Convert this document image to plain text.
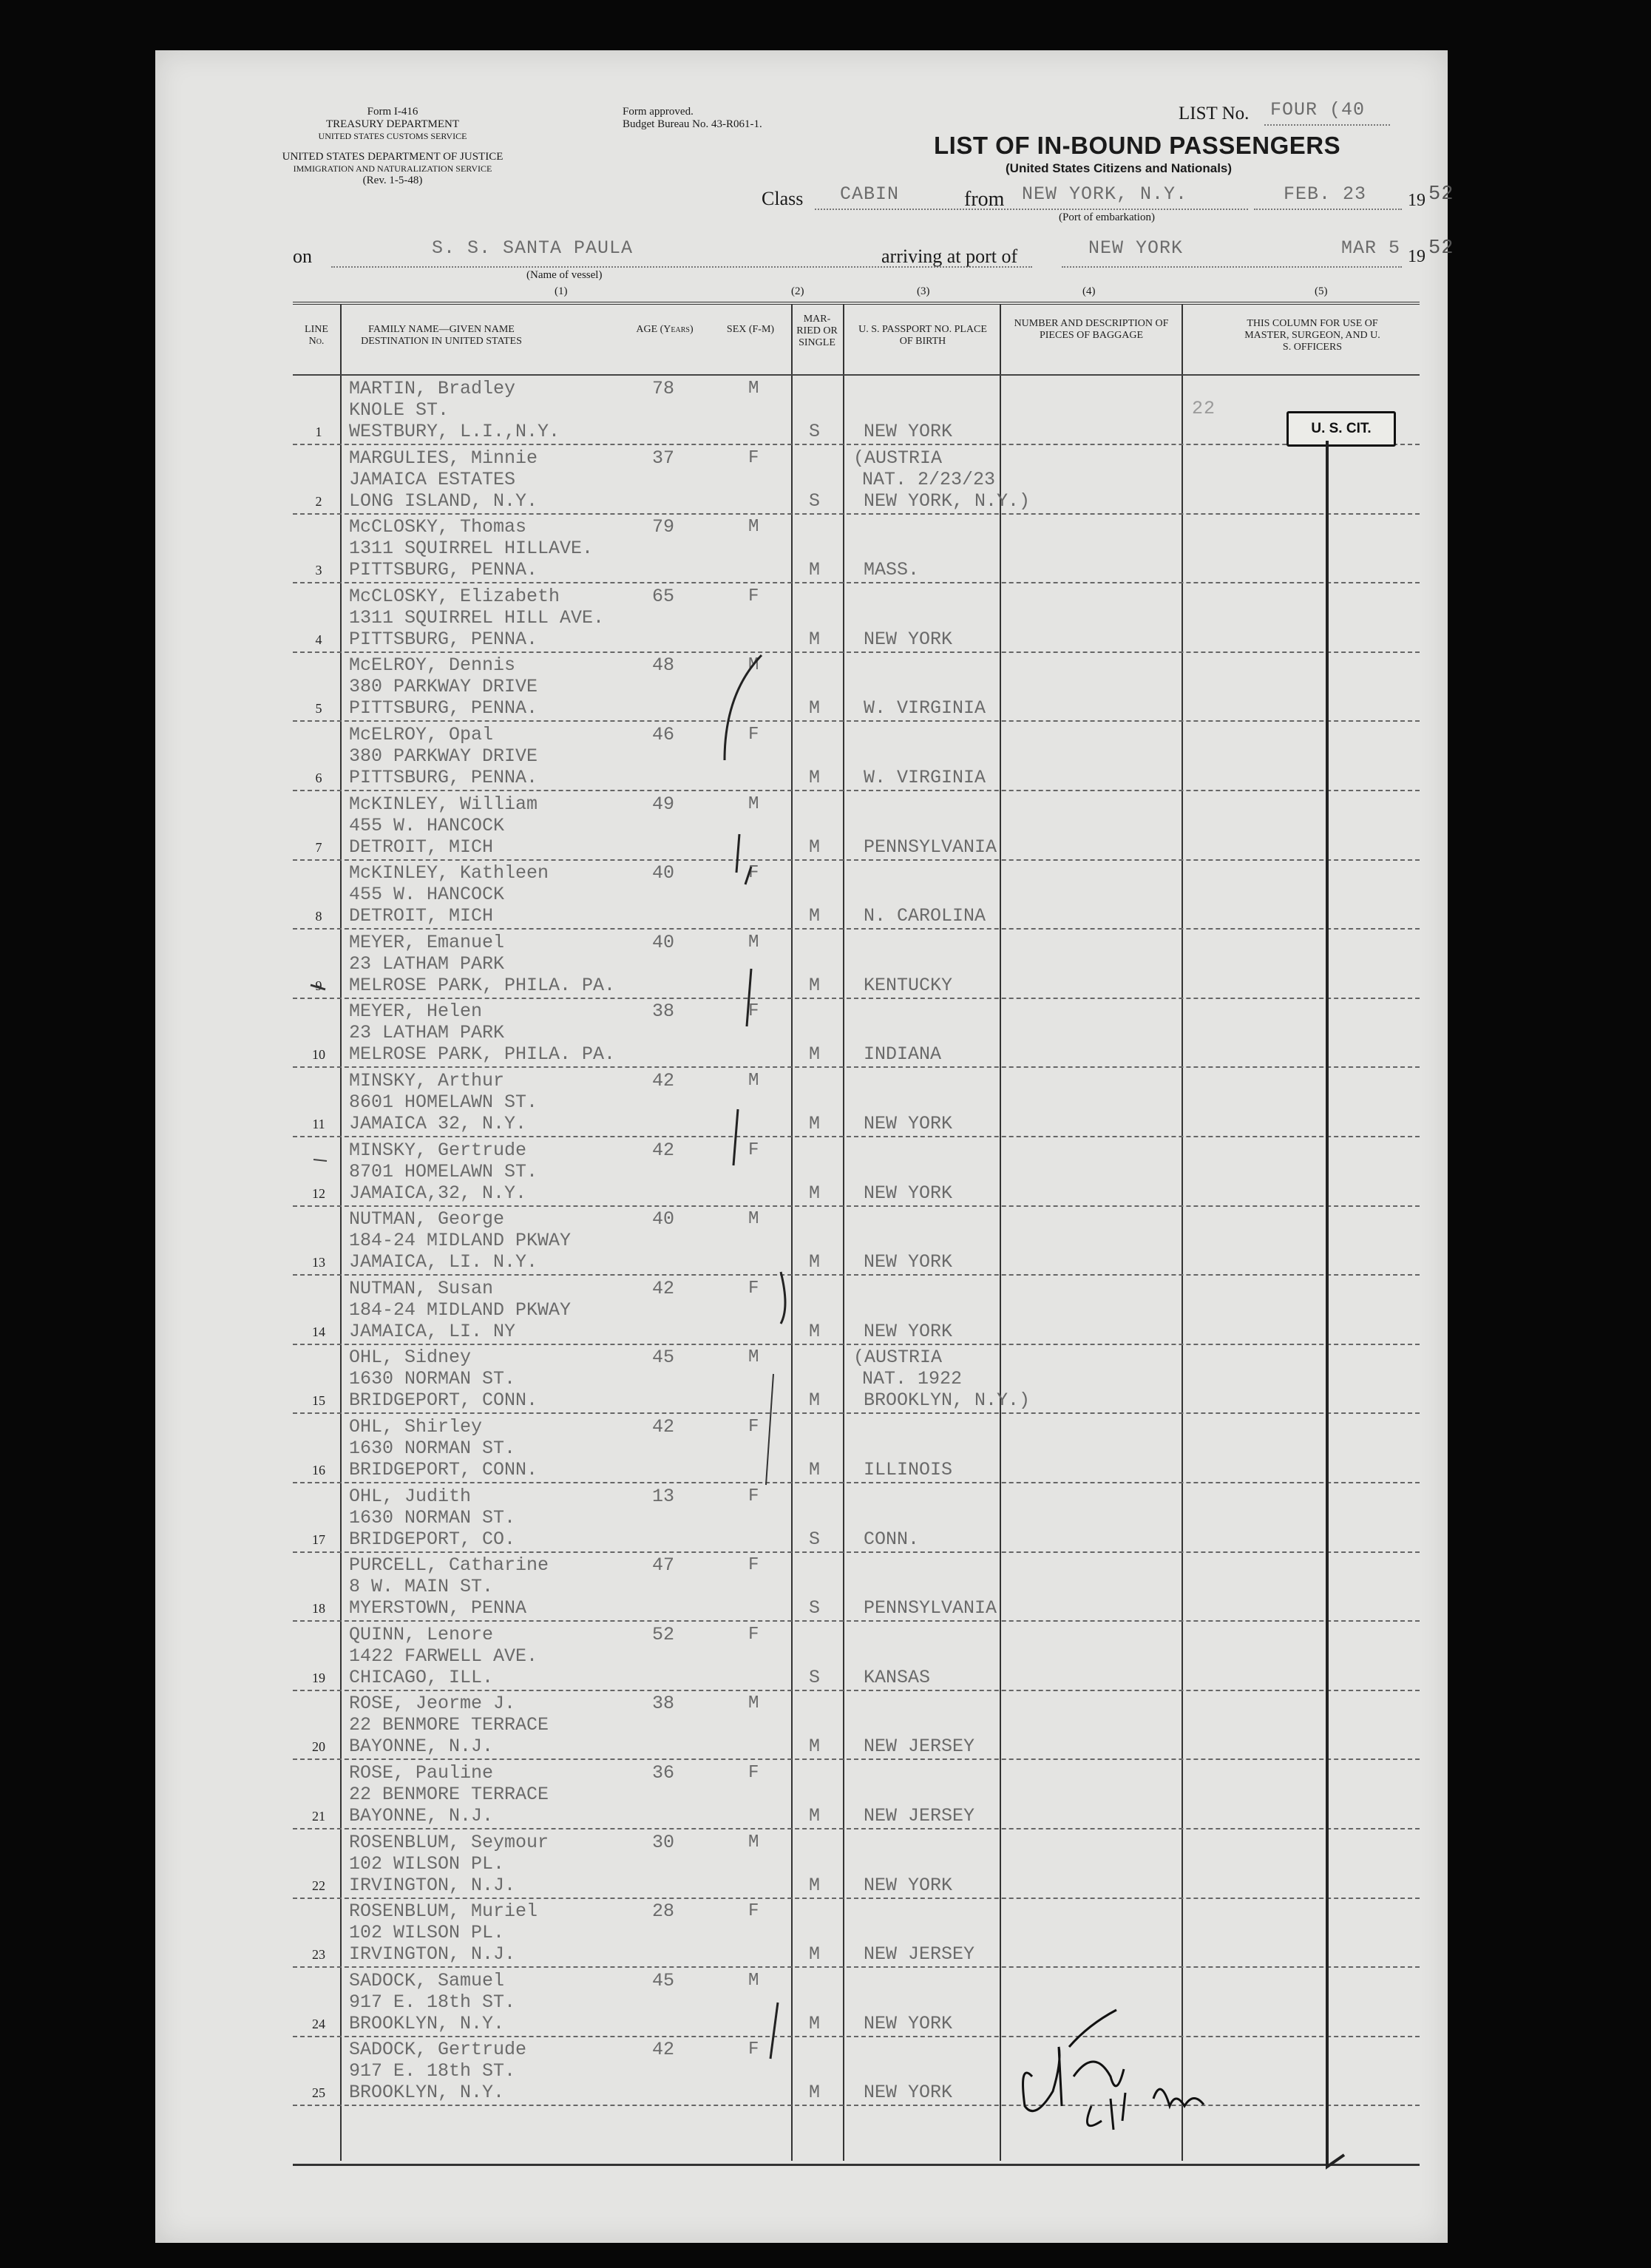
Form I-416
TREASURY DEPARTMENT
UNITED STATES CUSTOMS SERVICE
UNITED STATES DEPARTMENT OF JUSTICE
IMMIGRATION AND NATURALIZATION SERVICE
(Rev. 1-5-48)
Form approved.
Budget Bureau No. 43-R061-1.
LIST No. FOUR (40
LIST OF IN-BOUND PASSENGERS
(United States Citizens and Nationals)
Class CABIN	from NEW YORK, N.Y.
(Port of embarkation)
FEB. 23 19 52
on	S. S. SANTA PAULA
(Name of vessel)
arriving at port of	NEW YORK	MAR 5 19 52
(1)	(2)	(3)	(4)	(5)
LINE No.
FAMILY NAME—GIVEN NAME DESTINATION IN UNITED STATES
AGE (Years)	SEX (F-M)
MAR-RIED OR SINGLE
U. S. PASSPORT NO. PLACE OF BIRTH
NUMBER AND DESCRIPTION OF PIECES OF BAGGAGE
THIS COLUMN FOR USE OF MASTER, SURGEON, AND U. S. OFFICERS
MARTIN, Bradley
KNOLE ST.
WESTBURY, L.I.,N.Y.
78	M
S NEW YORK
1
MARGULIES, Minnie
JAMAICA ESTATES
LONG ISLAND, N.Y.
37	F
S
(AUSTRIA
NAT. 2/23/23
NEW YORK, N.Y.)
2
McCLOSKY, Thomas
1311 SQUIRREL HILLAVE.
PITTSBURG, PENNA.
79	M
M MASS.
3
McCLOSKY, Elizabeth
1311 SQUIRREL HILL AVE.
PITTSBURG, PENNA.
65	F
M NEW YORK
4
McELROY, Dennis
380 PARKWAY DRIVE
PITTSBURG, PENNA.
48	M
M W. VIRGINIA
5
McELROY, Opal
380 PARKWAY DRIVE
PITTSBURG, PENNA.
46	F
M W. VIRGINIA
6
McKINLEY, William
455 W. HANCOCK
DETROIT, MICH
49	M
M PENNSYLVANIA
7
McKINLEY, Kathleen
455 W. HANCOCK
DETROIT, MICH
40	F
M N. CAROLINA
8
MEYER, Emanuel
23 LATHAM PARK
MELROSE PARK, PHILA. PA.
40	M
M KENTUCKY
9
MEYER, Helen
23 LATHAM PARK
MELROSE PARK, PHILA. PA.
38	F
M INDIANA
10
MINSKY, Arthur
8601 HOMELAWN ST.
JAMAICA 32, N.Y.
42	M
M NEW YORK
11
MINSKY, Gertrude
8701 HOMELAWN ST.
JAMAICA,32, N.Y.
42	F
M NEW YORK
12
NUTMAN, George
184-24 MIDLAND PKWAY
JAMAICA, LI. N.Y.
40	M
M NEW YORK
13
NUTMAN, Susan
184-24 MIDLAND PKWAY
JAMAICA, LI. NY
42	F
M NEW YORK
14
OHL, Sidney
1630 NORMAN ST.
BRIDGEPORT, CONN.
45	M
M
(AUSTRIA
NAT. 1922
BROOKLYN, N.Y.)
15
OHL, Shirley
1630 NORMAN ST.
BRIDGEPORT, CONN.
42	F
M ILLINOIS
16
OHL, Judith
1630 NORMAN ST.
BRIDGEPORT, CO.
13	F
S CONN.
17
PURCELL, Catharine
8 W. MAIN ST.
MYERSTOWN, PENNA
47	F
S PENNSYLVANIA
18
QUINN, Lenore
1422 FARWELL AVE.
CHICAGO, ILL.
52	F
S KANSAS
19
ROSE, Jeorme J.
22 BENMORE TERRACE
BAYONNE, N.J.
38	M
M NEW JERSEY
20
ROSE, Pauline
22 BENMORE TERRACE
BAYONNE, N.J.
36	F
M NEW JERSEY
21
ROSENBLUM, Seymour
102 WILSON PL.
IRVINGTON, N.J.
30	M
M NEW YORK
22
ROSENBLUM, Muriel
102 WILSON PL.
IRVINGTON, N.J.
28	F
M NEW JERSEY
23
SADOCK, Samuel
917 E. 18th ST.
BROOKLYN, N.Y.
45	M
M NEW YORK
24
SADOCK, Gertrude
917 E. 18th ST.
BROOKLYN, N.Y.
42	F
M NEW YORK
25
U. S. CIT.
22
